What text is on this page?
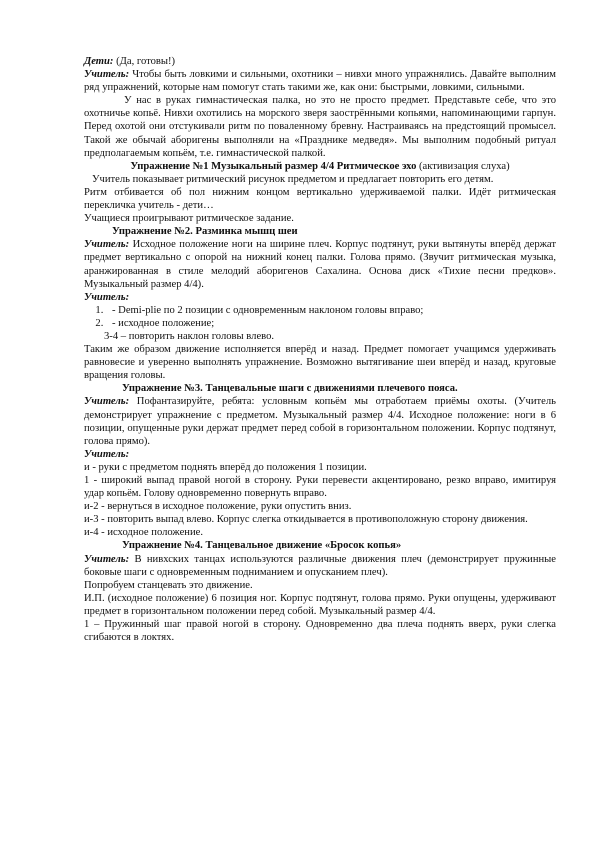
Дети: (Да, готовы!)

Учитель: Чтобы быть ловкими и сильными, охотники – нивхи много упражнялись. Давайте выполним ряд упражнений, которые нам помогут стать такими же, как они: быстрыми, ловкими, сильными.

У нас в руках гимнастическая палка, но это не просто предмет. Представьте себе, что это охотничье копьё. Нивхи охотились на морского зверя заострёнными копьями, напоминающими гарпун. Перед охотой они отстукивали ритм по поваленному бревну. Настраиваясь на предстоящий промысел. Такой же обычай аборигены выполняли на «Празднике медведя». Мы выполним подобный ритуал предполагаемым копьём, т.е. гимнастической палкой.

Упражнение №1 Музыкальный размер 4/4 Ритмическое эхо (активизация слуха)

Учитель показывает ритмический рисунок предметом и предлагает повторить его детям.

Ритм отбивается об пол нижним концом вертикально удерживаемой палки. Идёт ритмическая перекличка учитель - дети…

Учащиеся проигрывают ритмическое задание.

Упражнение №2. Разминка мышц шеи

Учитель: Исходное положение ноги на ширине плеч. Корпус подтянут, руки вытянуты вперёд держат предмет вертикально с опорой на нижний конец палки. Голова прямо. (Звучит ритмическая музыка, аранжированная в стиле мелодий аборигенов Сахалина. Основа диск «Тихие песни предков». Музыкальный размер 4/4).

Учитель:

1. - Demi-plie по 2 позиции с одновременным наклоном головы вправо;
2. - исходное положение;

3-4 – повторить наклон головы влево.

Таким же образом движение исполняется вперёд и назад. Предмет помогает учащимся удерживать равновесие и уверенно выполнять упражнение. Возможно вытягивание шеи вперёд и назад, круговые вращения головы.

Упражнение №3. Танцевальные шаги с движениями плечевого пояса.

Учитель: Пофантазируйте, ребята: условным копьём мы отработаем приёмы охоты. (Учитель демонстрирует упражнение с предметом. Музыкальный размер 4/4. Исходное положение: ноги в 6 позиции, опущенные руки держат предмет перед собой в горизонтальном положении. Корпус подтянут, голова прямо).

Учитель:

и - руки с предметом поднять вперёд до положения 1 позиции.

1 - широкий выпад правой ногой в сторону. Руки перевести акцентировано, резко вправо, имитируя удар копьём. Голову одновременно повернуть вправо.

и-2 - вернуться в исходное положение, руки опустить вниз.

и-3 - повторить выпад влево. Корпус слегка откидывается в противоположную сторону движения.

и-4 - исходное положение.

Упражнение №4. Танцевальное движение «Бросок копья»

Учитель: В нивхских танцах используются различные движения плеч (демонстрирует пружинные боковые шаги с одновременным подниманием и опусканием плеч).

Попробуем станцевать это движение.

И.П. (исходное положение) 6 позиция ног. Корпус подтянут, голова прямо. Руки опущены, удерживают предмет в горизонтальном положении перед собой. Музыкальный размер 4/4.

1 – Пружинный шаг правой ногой в сторону. Одновременно два плеча поднять вверх, руки слегка сгибаются в локтях.
